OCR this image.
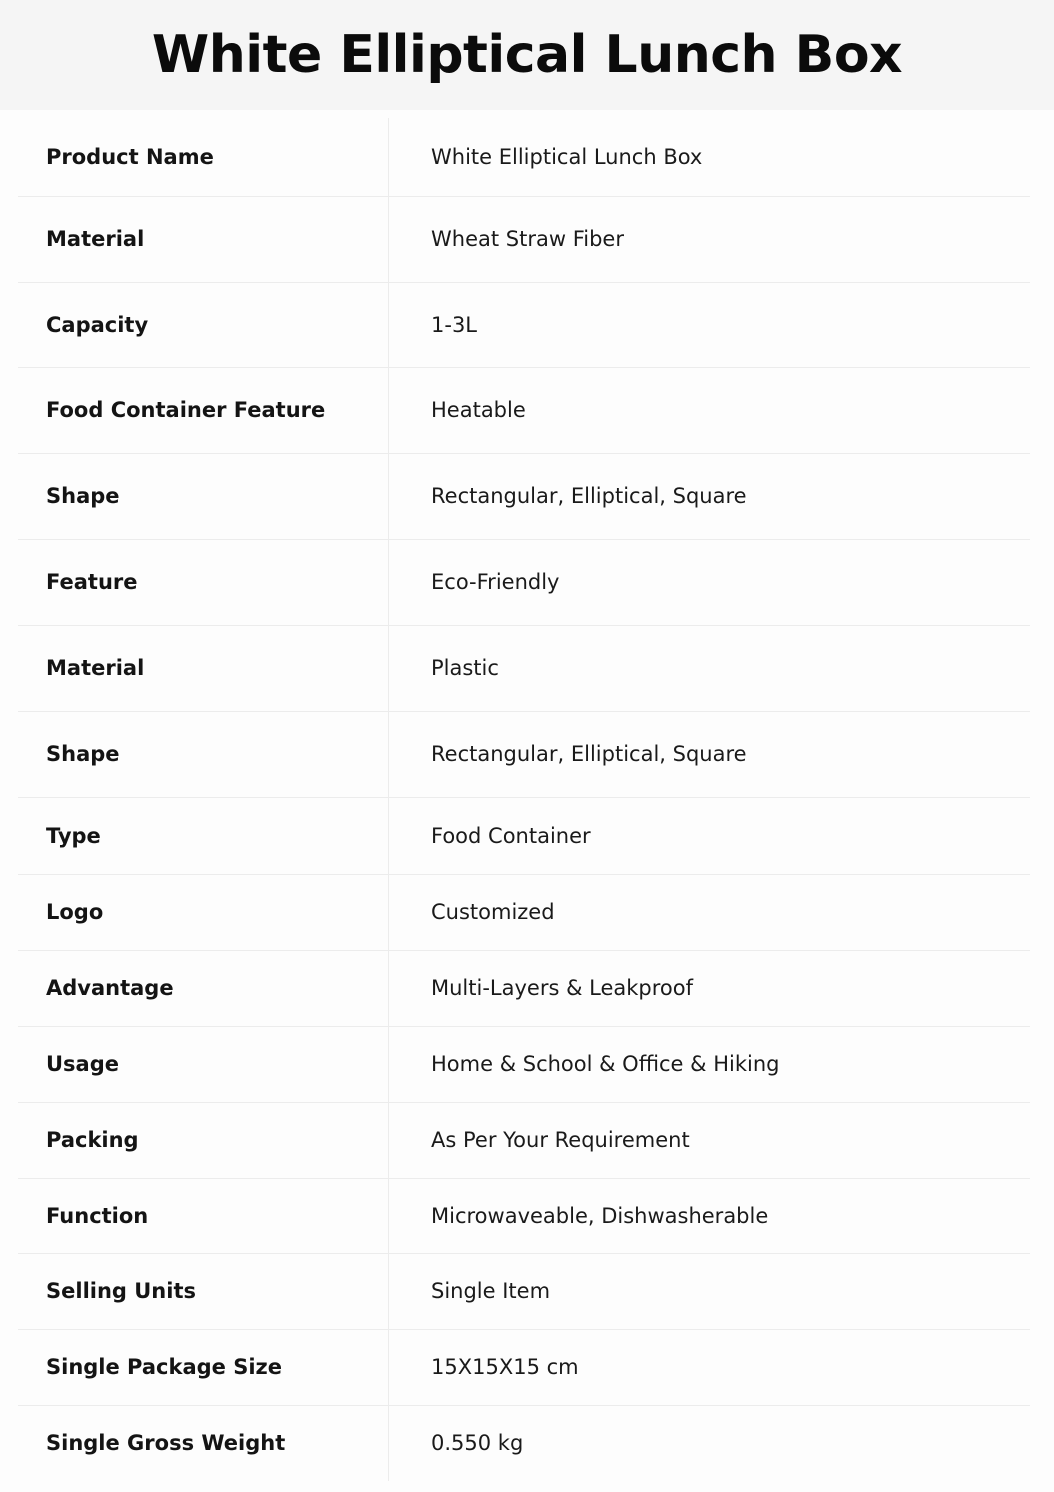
White Elliptical Lunch Box
Product Name	White Elliptical Lunch Box
Material	Wheat Straw Fiber
Capacity	1-3L
Food Container Feature	Heatable
Shape	Rectangular, Elliptical, Square
Feature	Eco-Friendly
Material	Plastic
Shape	Rectangular, Elliptical, Square
Type	Food Container
Logo	Customized
Advantage	Multi-Layers & Leakproof
Usage	Home & School & Office & Hiking
Packing	As Per Your Requirement
Function	Microwaveable, Dishwasherable
Selling Units	Single Item
Single Package Size	15X15X15 cm
Single Gross Weight	0.550 kg
